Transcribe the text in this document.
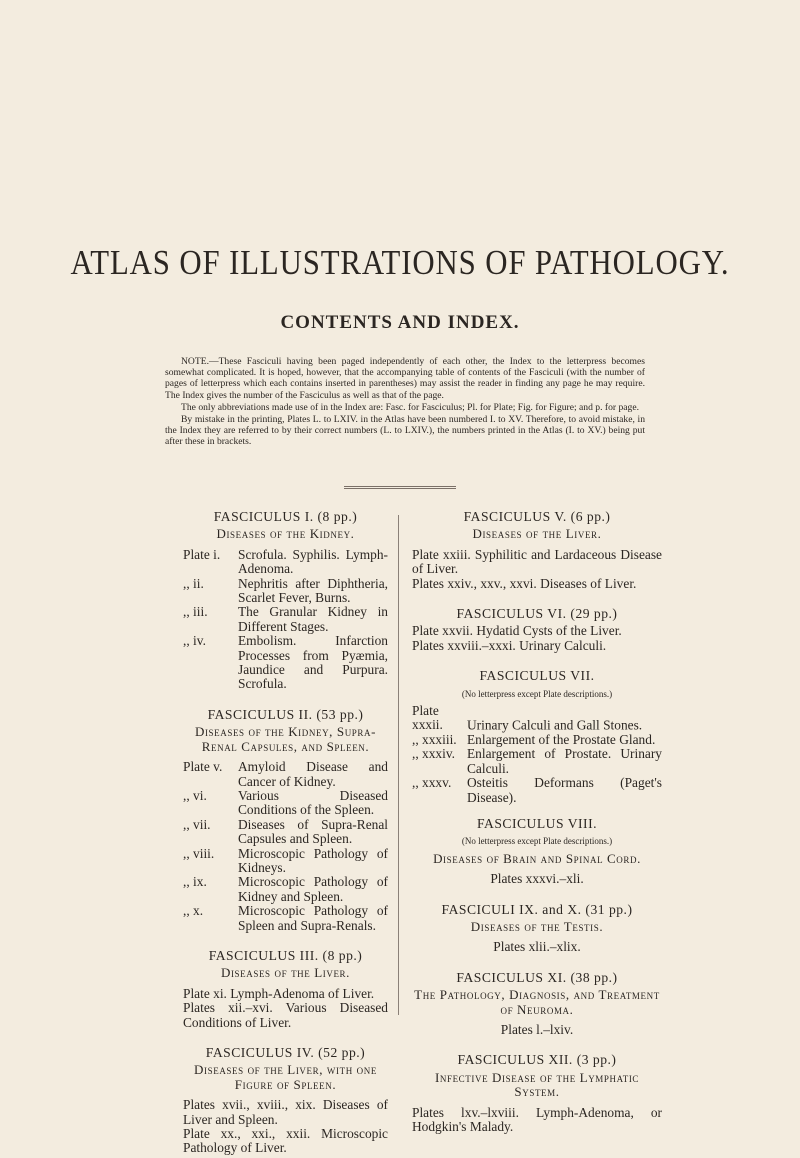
ATLAS OF ILLUSTRATIONS OF PATHOLOGY.
CONTENTS AND INDEX.

NOTE.—These Fasciculi having been paged independently of each other, the Index to the letterpress becomes somewhat complicated. It is hoped, however, that the accompanying table of contents of the Fasciculi (with the number of pages of letterpress which each contains inserted in parentheses) may assist the reader in finding any page he may require. The Index gives the number of the Fasciculus as well as that of the page.

The only abbreviations made use of in the Index are: Fasc. for Fasciculus; Pl. for Plate; Fig. for Figure; and p. for page.

By mistake in the printing, Plates L. to LXIV. in the Atlas have been numbered I. to XV. Therefore, to avoid mistake, in the Index they are referred to by their correct numbers (L. to LXIV.), the numbers printed in the Atlas (I. to XV.) being put after these in brackets.

FASCICULUS I. (8 pp.)

Diseases of the Kidney.

Plate i. Scrofula. Syphilis. Lymph-Adenoma.

,, ii.	Nephritis after Diphtheria, Scarlet Fever, Burns.

,, iii. The Granular Kidney in Different Stages.

,, iv. Embolism. Infarction Processes from Pyæmia, Jaundice and Purpura. Scrofula.

FASCICULUS II. (53 pp.)

Diseases of the Kidney, Supra-Renal Capsules, and Spleen.

Plate v. Amyloid Disease and Cancer of Kidney.

,, vi. Various Diseased Conditions of the Spleen.

,, vii. Diseases of Supra-Renal Capsules and Spleen.

,, viii. Microscopic Pathology of Kidneys.

,, ix. Microscopic Pathology of Kidney and Spleen.

,, x.	Microscopic Pathology of Spleen and Supra-Renals.

FASCICULUS III. (8 pp.)

Diseases of the Liver.

Plate xi. Lymph-Adenoma of Liver.

Plates xii.–xvi. Various Diseased Conditions of Liver.

FASCICULUS IV. (52 pp.)

Diseases of the Liver, with one Figure of Spleen.

Plates xvii., xviii., xix. Diseases of Liver and Spleen.

Plate xx., xxi., xxii. Microscopic Pathology of Liver.

FASCICULUS V. (6 pp.)

Diseases of the Liver.

Plate xxiii. Syphilitic and Lardaceous Disease of Liver.

Plates xxiv., xxv., xxvi. Diseases of Liver.

FASCICULUS VI. (29 pp.)

Plate xxvii. Hydatid Cysts of the Liver.

Plates xxviii.–xxxi. Urinary Calculi.

FASCICULUS VII.

(No letterpress except Plate descriptions.)

Plate xxxii. Urinary Calculi and Gall Stones.

,, xxxiii. Enlargement of the Prostate Gland.

,, xxxiv. Enlargement of Prostate. Urinary Calculi.

,, xxxv. Osteitis Deformans (Paget's Disease).

FASCICULUS VIII.

(No letterpress except Plate descriptions.)

Diseases of Brain and Spinal Cord.

Plates xxxvi.–xli.

FASCICULI IX. and X. (31 pp.)

Diseases of the Testis.

Plates xlii.–xlix.

FASCICULUS XI. (38 pp.)

The Pathology, Diagnosis, and Treatment of Neuroma.

Plates l.–lxiv.

FASCICULUS XII. (3 pp.)

Infective Disease of the Lymphatic System.

Plates lxv.–lxviii. Lymph-Adenoma, or Hodgkin's Malady.
